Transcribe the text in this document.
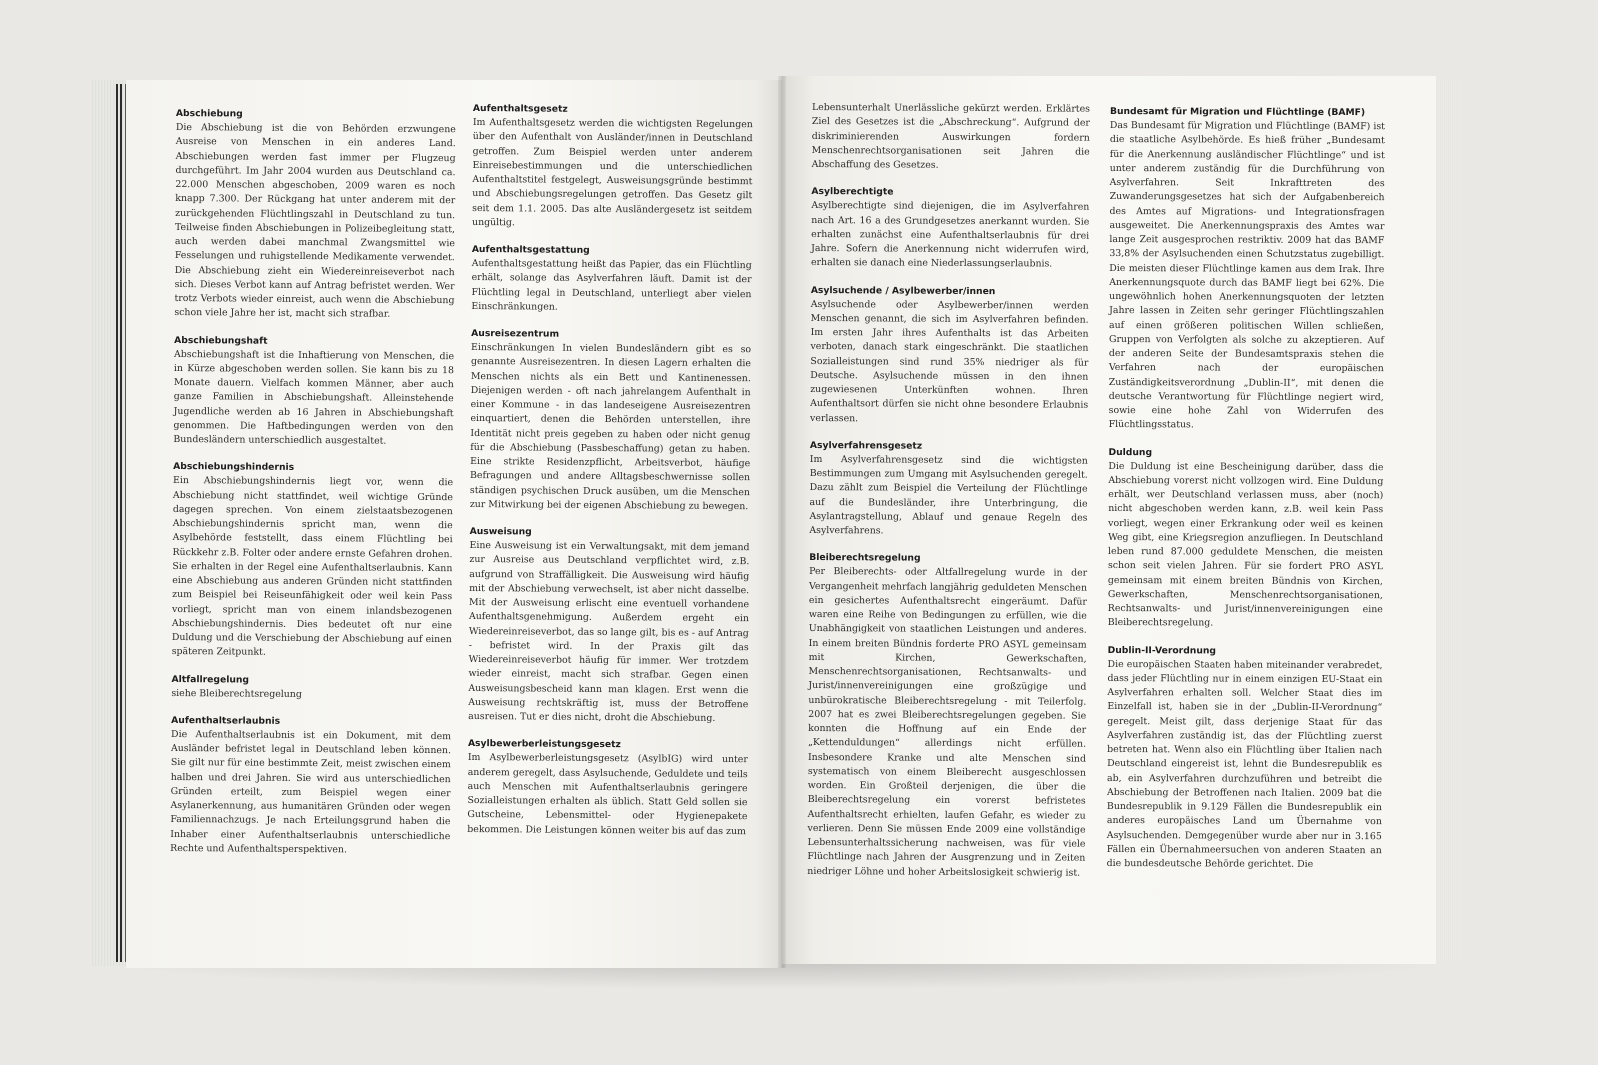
Abschiebung

Die Abschiebung ist die von Behörden erzwungene Ausreise von Menschen in ein anderes Land. Abschiebungen werden fast immer per Flugzeug durchgeführt. Im Jahr 2004 wurden aus Deutschland ca. 22.000 Menschen abgeschoben, 2009 waren es noch knapp 7.300. Der Rückgang hat unter anderem mit der zurückgehenden Flüchtlingszahl in Deutschland zu tun. Teilweise finden Abschiebungen in Polizeibegleitung statt, auch werden dabei manchmal Zwangsmittel wie Fesselungen und ruhigstellende Medikamente verwendet. Die Abschiebung zieht ein Wiedereinreiseverbot nach sich. Dieses Verbot kann auf Antrag befristet werden. Wer trotz Verbots wieder einreist, auch wenn die Abschiebung schon viele Jahre her ist, macht sich strafbar.

Abschiebungshaft

Abschiebungshaft ist die Inhaftierung von Menschen, die in Kürze abgeschoben werden sollen. Sie kann bis zu 18 Monate dauern. Vielfach kommen Männer, aber auch ganze Familien in Abschiebungshaft. Alleinstehende Jugendliche werden ab 16 Jahren in Abschiebungshaft genommen. Die Haftbedingungen werden von den Bundesländern unterschiedlich ausgestaltet.

Abschiebungshindernis

Ein Abschiebungshindernis liegt vor, wenn die Abschiebung nicht stattfindet, weil wichtige Gründe dagegen sprechen. Von einem zielstaatsbezogenen Abschiebungshindernis spricht man, wenn die Asylbehörde feststellt, dass einem Flüchtling bei Rückkehr z.B. Folter oder andere ernste Gefahren drohen. Sie erhalten in der Regel eine Aufenthaltserlaubnis. Kann eine Abschiebung aus anderen Gründen nicht stattfinden zum Beispiel bei Reiseunfähigkeit oder weil kein Pass vorliegt, spricht man von einem inlandsbezogenen Abschiebungshindernis. Dies bedeutet oft nur eine Duldung und die Verschiebung der Abschiebung auf einen späteren Zeitpunkt.

Altfallregelung

siehe Bleiberechtsregelung

Aufenthaltserlaubnis

Die Aufenthaltserlaubnis ist ein Dokument, mit dem Ausländer befristet legal in Deutschland leben können. Sie gilt nur für eine bestimmte Zeit, meist zwischen einem halben und drei Jahren. Sie wird aus unterschiedlichen Gründen erteilt, zum Beispiel wegen einer Asylanerkennung, aus humanitären Gründen oder wegen Familiennachzugs. Je nach Erteilungsgrund haben die Inhaber einer Aufenthaltserlaubnis unterschiedliche Rechte und Aufenthaltsperspektiven.

Aufenthaltsgesetz

Im Aufenthaltsgesetz werden die wichtigsten Regelungen über den Aufenthalt von Ausländer/innen in Deutschland getroffen. Zum Beispiel werden unter anderem Einreisebestimmungen und die unterschiedlichen Aufenthaltstitel festgelegt, Ausweisungsgründe bestimmt und Abschiebungsregelungen getroffen. Das Gesetz gilt seit dem 1.1. 2005. Das alte Ausländergesetz ist seitdem ungültig.

Aufenthaltsgestattung

Aufenthaltsgestattung heißt das Papier, das ein Flüchtling erhält, solange das Asylverfahren läuft. Damit ist der Flüchtling legal in Deutschland, unterliegt aber vielen Einschränkungen.

Ausreisezentrum

Einschränkungen In vielen Bundesländern gibt es so genannte Ausreisezentren. In diesen Lagern erhalten die Menschen nichts als ein Bett und Kantinenessen. Diejenigen werden - oft nach jahrelangem Aufenthalt in einer Kommune - in das landeseigene Ausreisezentren einquartiert, denen die Behörden unterstellen, ihre Identität nicht preis gegeben zu haben oder nicht genug für die Abschiebung (Passbeschaffung) getan zu haben. Eine strikte Residenzpflicht, Arbeitsverbot, häufige Befragungen und andere Alltagsbeschwernisse sollen ständigen psychischen Druck ausüben, um die Menschen zur Mitwirkung bei der eigenen Abschiebung zu bewegen.

Ausweisung

Eine Ausweisung ist ein Verwaltungsakt, mit dem jemand zur Ausreise aus Deutschland verpflichtet wird, z.B. aufgrund von Straffälligkeit. Die Ausweisung wird häufig mit der Abschiebung verwechselt, ist aber nicht dasselbe. Mit der Ausweisung erlischt eine eventuell vorhandene Aufenthaltsgenehmigung. Außerdem ergeht ein Wiedereinreiseverbot, das so lange gilt, bis es - auf Antrag - befristet wird. In der Praxis gilt das Wiedereinreiseverbot häufig für immer. Wer trotzdem wieder einreist, macht sich strafbar. Gegen einen Ausweisungsbescheid kann man klagen. Erst wenn die Ausweisung rechtskräftig ist, muss der Betroffene ausreisen. Tut er dies nicht, droht die Abschiebung.

Asylbewerberleistungsgesetz

Im Asylbewerberleistungsgesetz (AsylbIG) wird unter anderem geregelt, dass Asylsuchende, Geduldete und teils auch Menschen mit Aufenthaltserlaubnis geringere Sozialleistungen erhalten als üblich. Statt Geld sollen sie Gutscheine, Lebensmittel- oder Hygienepakete bekommen. Die Leistungen können weiter bis auf das zum

Lebensunterhalt Unerlässliche gekürzt werden. Erklärtes Ziel des Gesetzes ist die „Abschreckung“. Aufgrund der diskriminierenden Auswirkungen fordern Menschenrechtsorganisationen seit Jahren die Abschaffung des Gesetzes.

Asylberechtigte

Asylberechtigte sind diejenigen, die im Asylverfahren nach Art. 16 a des Grundgesetzes anerkannt wurden. Sie erhalten zunächst eine Aufenthaltserlaubnis für drei Jahre. Sofern die Anerkennung nicht widerrufen wird, erhalten sie danach eine Niederlassungserlaubnis.

Asylsuchende / Asylbewerber/innen

Asylsuchende oder Asylbewerber/innen werden Menschen genannt, die sich im Asylverfahren befinden. Im ersten Jahr ihres Aufenthalts ist das Arbeiten verboten, danach stark eingeschränkt. Die staatlichen Sozialleistungen sind rund 35% niedriger als für Deutsche. Asylsuchende müssen in den ihnen zugewiesenen Unterkünften wohnen. Ihren Aufenthaltsort dürfen sie nicht ohne besondere Erlaubnis verlassen.

Asylverfahrensgesetz

Im Asylverfahrensgesetz sind die wichtigsten Bestimmungen zum Umgang mit Asylsuchenden geregelt. Dazu zählt zum Beispiel die Verteilung der Flüchtlinge auf die Bundesländer, ihre Unterbringung, die Asylantragstellung, Ablauf und genaue Regeln des Asylverfahrens.

Bleiberechtsregelung

Per Bleiberechts- oder Altfallregelung wurde in der Vergangenheit mehrfach langjährig geduldeten Menschen ein gesichertes Aufenthaltsrecht eingeräumt. Dafür waren eine Reihe von Bedingungen zu erfüllen, wie die Unabhängigkeit von staatlichen Leistungen und anderes. In einem breiten Bündnis forderte PRO ASYL gemeinsam mit Kirchen, Gewerkschaften, Menschenrechtsorganisationen, Rechtsanwalts- und Jurist/innenvereinigungen eine großzügige und unbürokratische Bleiberechtsregelung - mit Teilerfolg. 2007 hat es zwei Bleiberechtsregelungen gegeben. Sie konnten die Hoffnung auf ein Ende der „Kettenduldungen“ allerdings nicht erfüllen. Insbesondere Kranke und alte Menschen sind systematisch von einem Bleiberecht ausgeschlossen worden. Ein Großteil derjenigen, die über die Bleiberechtsregelung ein vorerst befristetes Aufenthaltsrecht erhielten, laufen Gefahr, es wieder zu verlieren. Denn Sie müssen Ende 2009 eine vollständige Lebensunterhaltssicherung nachweisen, was für viele Flüchtlinge nach Jahren der Ausgrenzung und in Zeiten niedriger Löhne und hoher Arbeitslosigkeit schwierig ist.

Bundesamt für Migration und Flüchtlinge (BAMF)

Das Bundesamt für Migration und Flüchtlinge (BAMF) ist die staatliche Asylbehörde. Es hieß früher „Bundesamt für die Anerkennung ausländischer Flüchtlinge“ und ist unter anderem zuständig für die Durchführung von Asylverfahren. Seit Inkrafttreten des Zuwanderungsgesetzes hat sich der Aufgabenbereich des Amtes auf Migrations- und Integrationsfragen ausgeweitet. Die Anerkennungspraxis des Amtes war lange Zeit ausgesprochen restriktiv. 2009 hat das BAMF 33,8% der Asylsuchenden einen Schutzstatus zugebilligt. Die meisten dieser Flüchtlinge kamen aus dem Irak. Ihre Anerkennungsquote durch das BAMF liegt bei 62%. Die ungewöhnlich hohen Anerkennungsquoten der letzten Jahre lassen in Zeiten sehr geringer Flüchtlingszahlen auf einen größeren politischen Willen schließen, Gruppen von Verfolgten als solche zu akzeptieren. Auf der anderen Seite der Bundesamtspraxis stehen die Verfahren nach der europäischen Zuständigkeitsverordnung „Dublin-II“, mit denen die deutsche Verantwortung für Flüchtlinge negiert wird, sowie eine hohe Zahl von Widerrufen des Flüchtlingsstatus.

Duldung

Die Duldung ist eine Bescheinigung darüber, dass die Abschiebung vorerst nicht vollzogen wird. Eine Duldung erhält, wer Deutschland verlassen muss, aber (noch) nicht abgeschoben werden kann, z.B. weil kein Pass vorliegt, wegen einer Erkrankung oder weil es keinen Weg gibt, eine Kriegsregion anzufliegen. In Deutschland leben rund 87.000 geduldete Menschen, die meisten schon seit vielen Jahren. Für sie fordert PRO ASYL gemeinsam mit einem breiten Bündnis von Kirchen, Gewerkschaften, Menschenrechtsorganisationen, Rechtsanwalts- und Jurist/innenvereinigungen eine Bleiberechtsregelung.

Dublin-II-Verordnung

Die europäischen Staaten haben miteinander verabredet, dass jeder Flüchtling nur in einem einzigen EU-Staat ein Asylverfahren erhalten soll. Welcher Staat dies im Einzelfall ist, haben sie in der „Dublin-II-Verordnung“ geregelt. Meist gilt, dass derjenige Staat für das Asylverfahren zuständig ist, das der Flüchtling zuerst betreten hat. Wenn also ein Flüchtling über Italien nach Deutschland eingereist ist, lehnt die Bundesrepublik es ab, ein Asylverfahren durchzuführen und betreibt die Abschiebung der Betroffenen nach Italien. 2009 bat die Bundesrepublik in 9.129 Fällen die Bundesrepublik ein anderes europäisches Land um Übernahme von Asylsuchenden. Demgegenüber wurde aber nur in 3.165 Fällen ein Übernahmeersuchen von anderen Staaten an die bundesdeutsche Behörde gerichtet. Die
